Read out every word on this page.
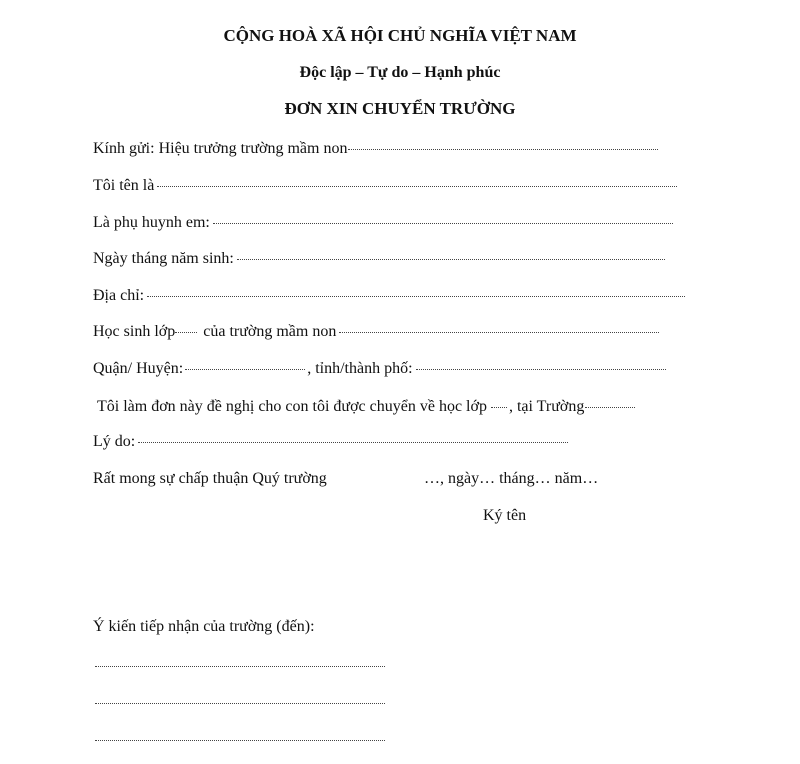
CỘNG HOÀ XÃ HỘI CHỦ NGHĨA VIỆT NAM
Độc lập – Tự do – Hạnh phúc
ĐƠN XIN CHUYỂN TRƯỜNG
Kính gửi: Hiệu trưởng trường mầm non
Tôi tên là
Là phụ huynh em:
Ngày tháng năm sinh:
Địa chỉ:
Học sinh lớp của trường mầm non
Quận/ Huyện:	, tỉnh/thành phố:
Tôi làm đơn này đề nghị cho con tôi được chuyển về học lớp , tại Trường
Lý do:
Rất mong sự chấp thuận Quý trường	…, ngày… tháng… năm…
Ký tên
Ý kiến tiếp nhận của trường (đến):
